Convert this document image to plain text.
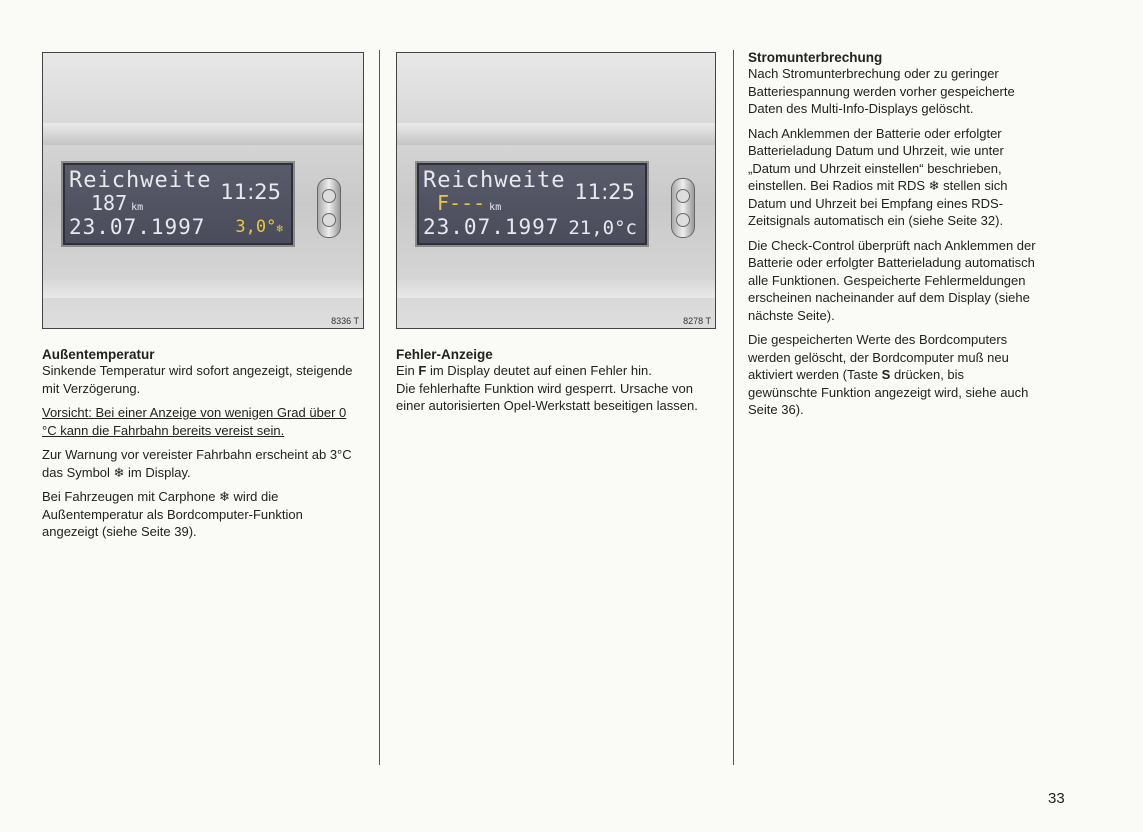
Reichweite
187 km
11:25
23.07.1997 3,0°❄
8336 T
Reichweite
F--- km
11:25
23.07.1997 21,0°c
8278 T
Außentemperatur

Sinkende Temperatur wird sofort angezeigt, steigende mit Verzögerung.

Vorsicht: Bei einer Anzeige von wenigen Grad über 0 °C kann die Fahrbahn bereits vereist sein.

Zur Warnung vor vereister Fahrbahn erscheint ab 3°C das Symbol ❄ im Display.

Bei Fahrzeugen mit Carphone ❄ wird die Außentemperatur als Bordcomputer-Funktion angezeigt (siehe Seite 39).

Fehler-Anzeige

Ein F im Display deutet auf einen Fehler hin.

Die fehlerhafte Funktion wird gesperrt. Ursache von einer autorisierten Opel-Werkstatt beseitigen lassen.

Stromunterbrechung

Nach Stromunterbrechung oder zu geringer Batteriespannung werden vorher gespeicherte Daten des Multi-Info-Displays gelöscht.

Nach Anklemmen der Batterie oder erfolgter Batterieladung Datum und Uhrzeit, wie unter „Datum und Uhrzeit einstellen“ beschrieben, einstellen. Bei Radios mit RDS ❄ stellen sich Datum und Uhrzeit bei Empfang eines RDS-Zeitsignals automatisch ein (siehe Seite 32).

Die Check-Control überprüft nach Anklemmen der Batterie oder erfolgter Batterieladung automatisch alle Funktionen. Gespeicherte Fehlermeldungen erscheinen nacheinander auf dem Display (siehe nächste Seite).

Die gespeicherten Werte des Bordcomputers werden gelöscht, der Bordcomputer muß neu aktiviert werden (Taste S drücken, bis gewünschte Funktion angezeigt wird, siehe auch Seite 36).

33
